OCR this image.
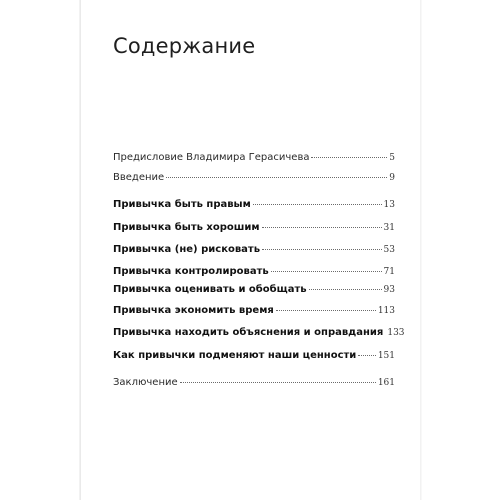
Содержание
Предисловие Владимира Герасичева	5
Введение	9
Привычка быть правым	13
Привычка быть хорошим	31
Привычка (не) рисковать	53
Привычка контролировать	71
Привычка оценивать и обобщать	93
Привычка экономить время	113
Привычка находить объяснения и оправдания 133
Как привычки подменяют наши ценности 151
Заключение	161
